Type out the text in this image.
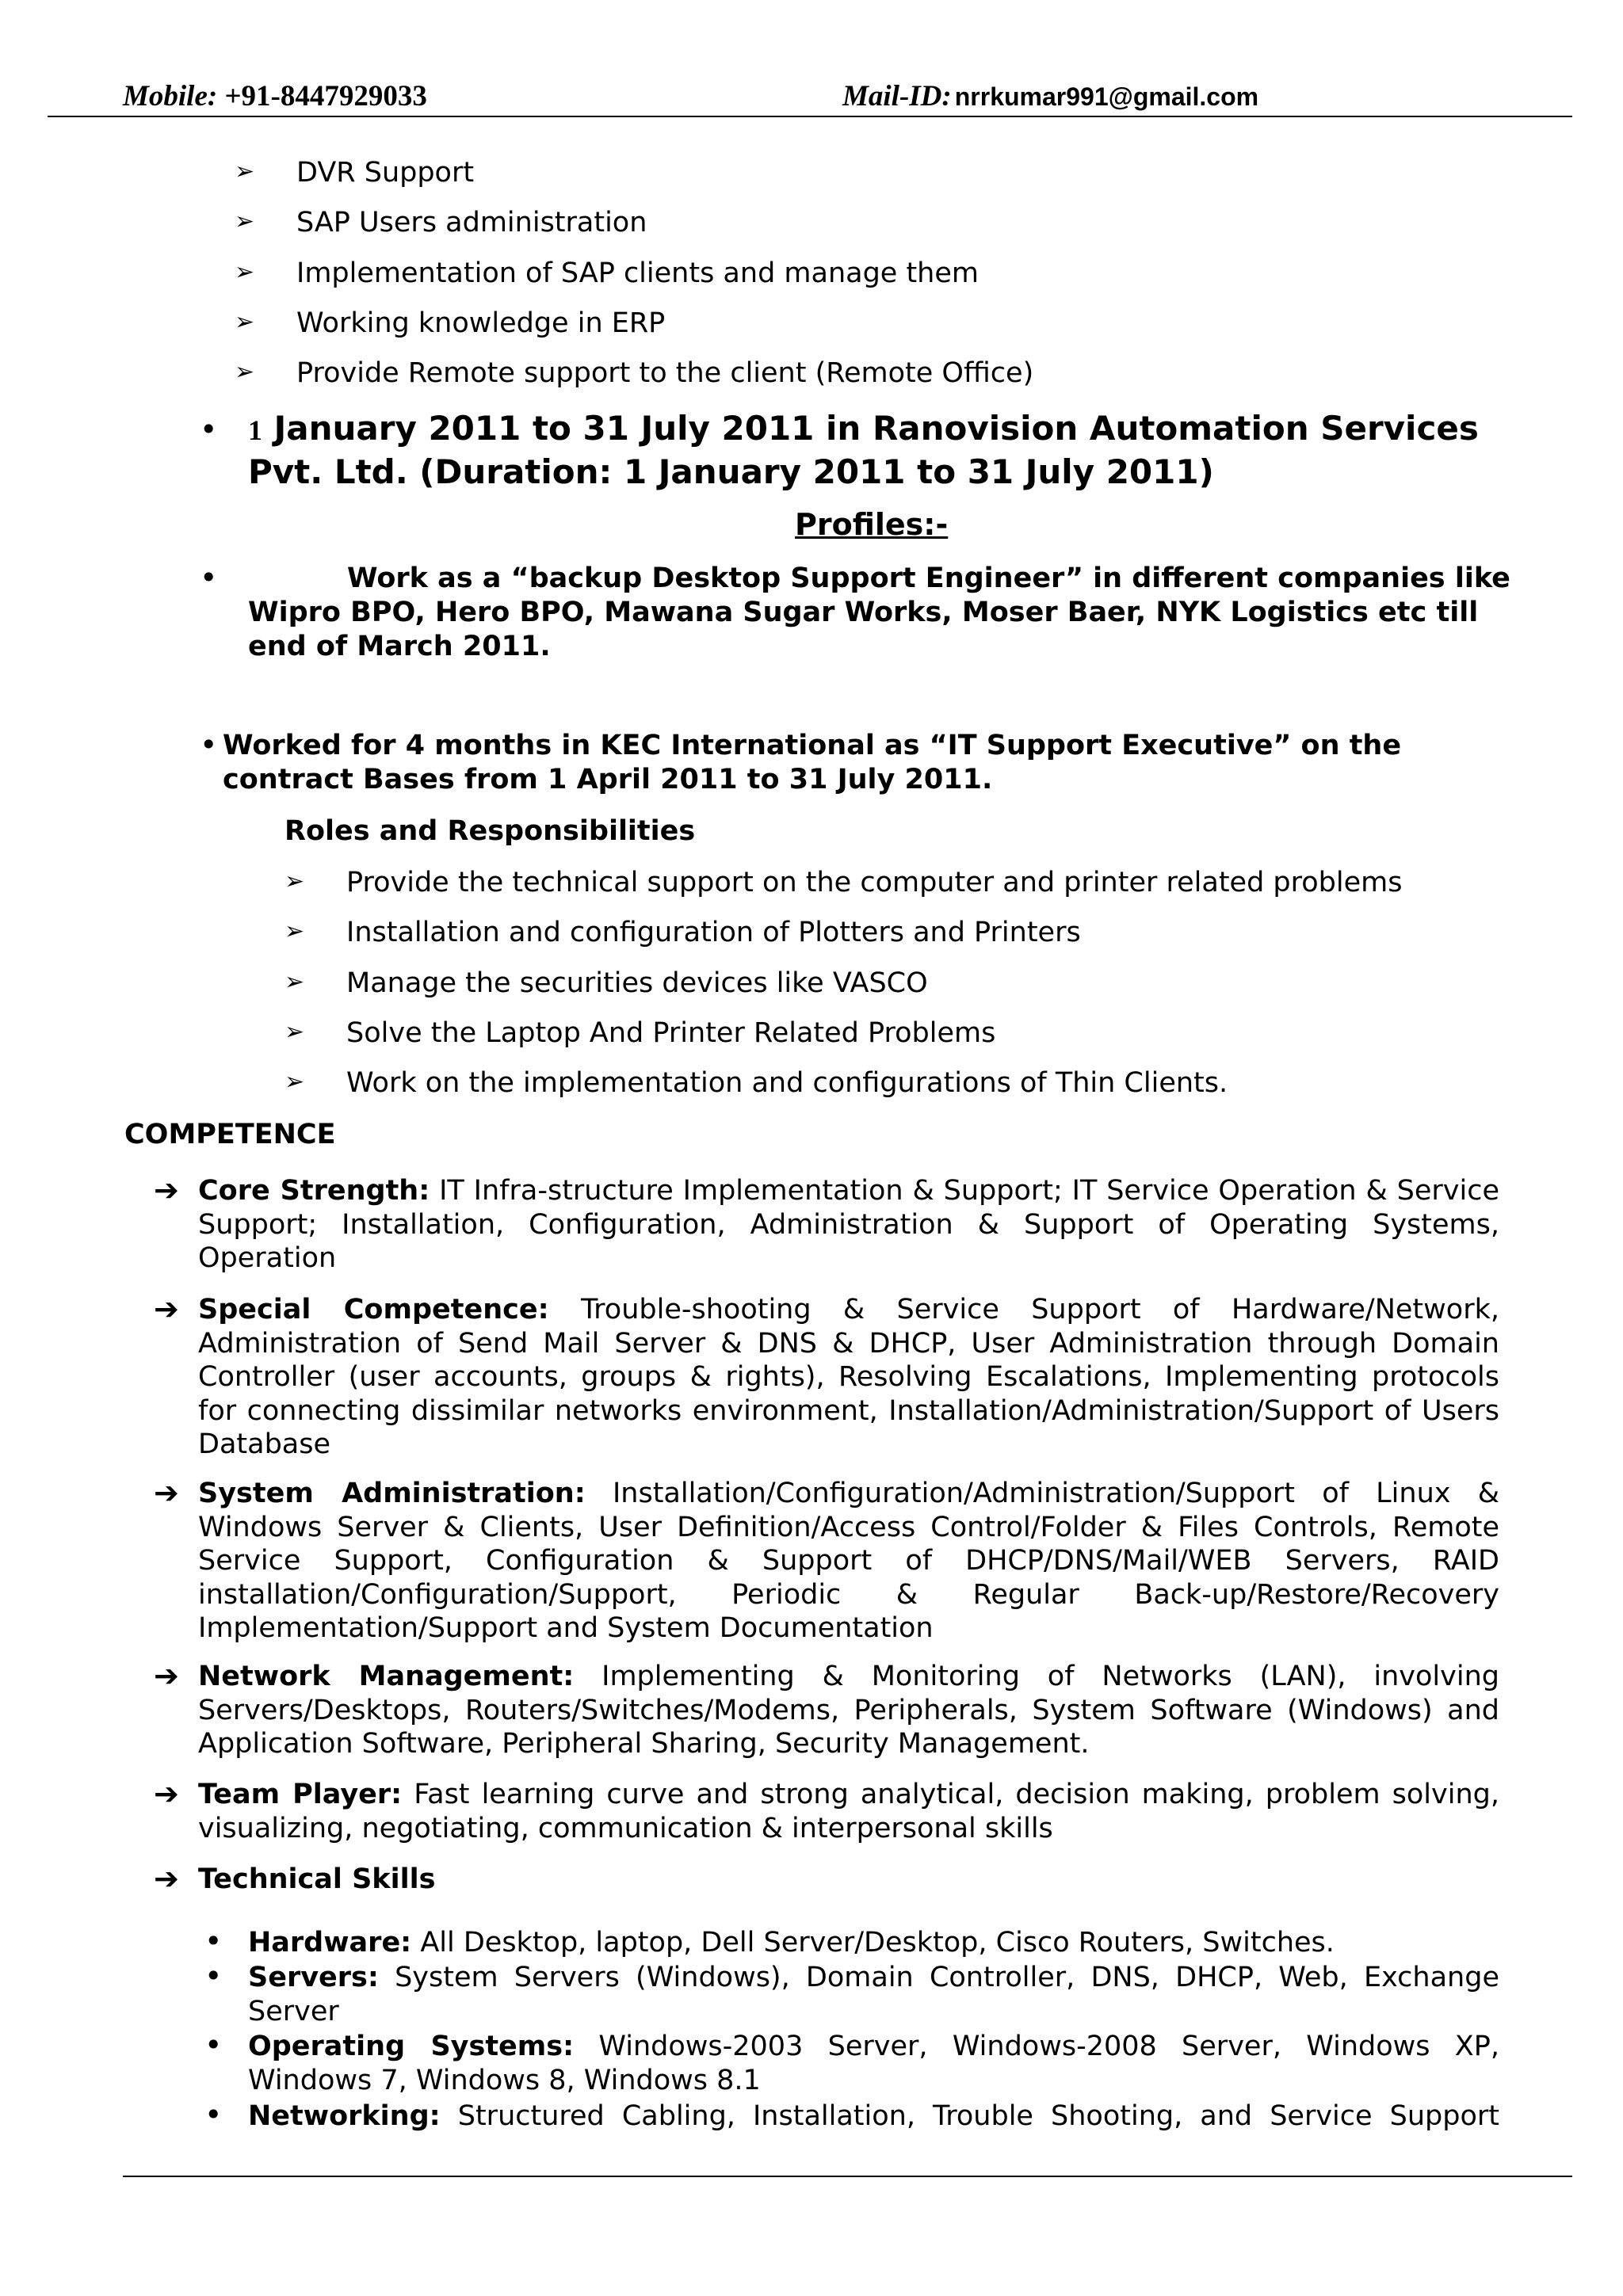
Mobile: +91-8447929033	Mail-ID: nrrkumar991@gmail.com
➢ DVR Support
➢ SAP Users administration
➢ Implementation of SAP clients and manage them
➢ Working knowledge in ERP
➢ Provide Remote support to the client (Remote Office)
• 1 January 2011 to 31 July 2011 in Ranovision Automation Services
Pvt. Ltd. (Duration: 1 January 2011 to 31 July 2011)
Profiles:-
•	Work as a “backup Desktop Support Engineer” in different companies like
Wipro BPO, Hero BPO, Mawana Sugar Works, Moser Baer, NYK Logistics etc till
end of March 2011.
• Worked for 4 months in KEC International as “IT Support Executive” on the
contract Bases from 1 April 2011 to 31 July 2011.
Roles and Responsibilities
➢ Provide the technical support on the computer and printer related problems
➢ Installation and configuration of Plotters and Printers
➢ Manage the securities devices like VASCO
➢ Solve the Laptop And Printer Related Problems
➢ Work on the implementation and configurations of Thin Clients.
COMPETENCE
➔ Core Strength: IT Infra-structure Implementation & Support; IT Service Operation & Service Support; Installation, Configuration, Administration & Support of Operating Systems, Operation
➔ Special Competence: Trouble-shooting & Service Support of Hardware/Network, Administration of Send Mail Server & DNS & DHCP, User Administration through Domain Controller (user accounts, groups & rights), Resolving Escalations, Implementing protocols for connecting dissimilar networks environment, Installation/Administration/Support of Users Database
➔ System Administration: Installation/Configuration/Administration/Support of Linux & Windows Server & Clients, User Definition/Access Control/Folder & Files Controls, Remote Service Support, Configuration & Support of DHCP/DNS/Mail/WEB Servers, RAID installation/Configuration/Support, Periodic & Regular Back-up/Restore/Recovery Implementation/Support and System Documentation
➔ Network Management: Implementing & Monitoring of Networks (LAN), involving Servers/Desktops, Routers/Switches/Modems, Peripherals, System Software (Windows) and Application Software, Peripheral Sharing, Security Management.
➔ Team Player: Fast learning curve and strong analytical, decision making, problem solving, visualizing, negotiating, communication & interpersonal skills
➔ Technical Skills
• Hardware: All Desktop, laptop, Dell Server/Desktop, Cisco Routers, Switches.
• Servers: System Servers (Windows), Domain Controller, DNS, DHCP, Web, Exchange Server
• Operating Systems: Windows-2003 Server, Windows-2008 Server, Windows XP, Windows 7, Windows 8, Windows 8.1
• Networking: Structured Cabling, Installation, Trouble Shooting, and Service Support
